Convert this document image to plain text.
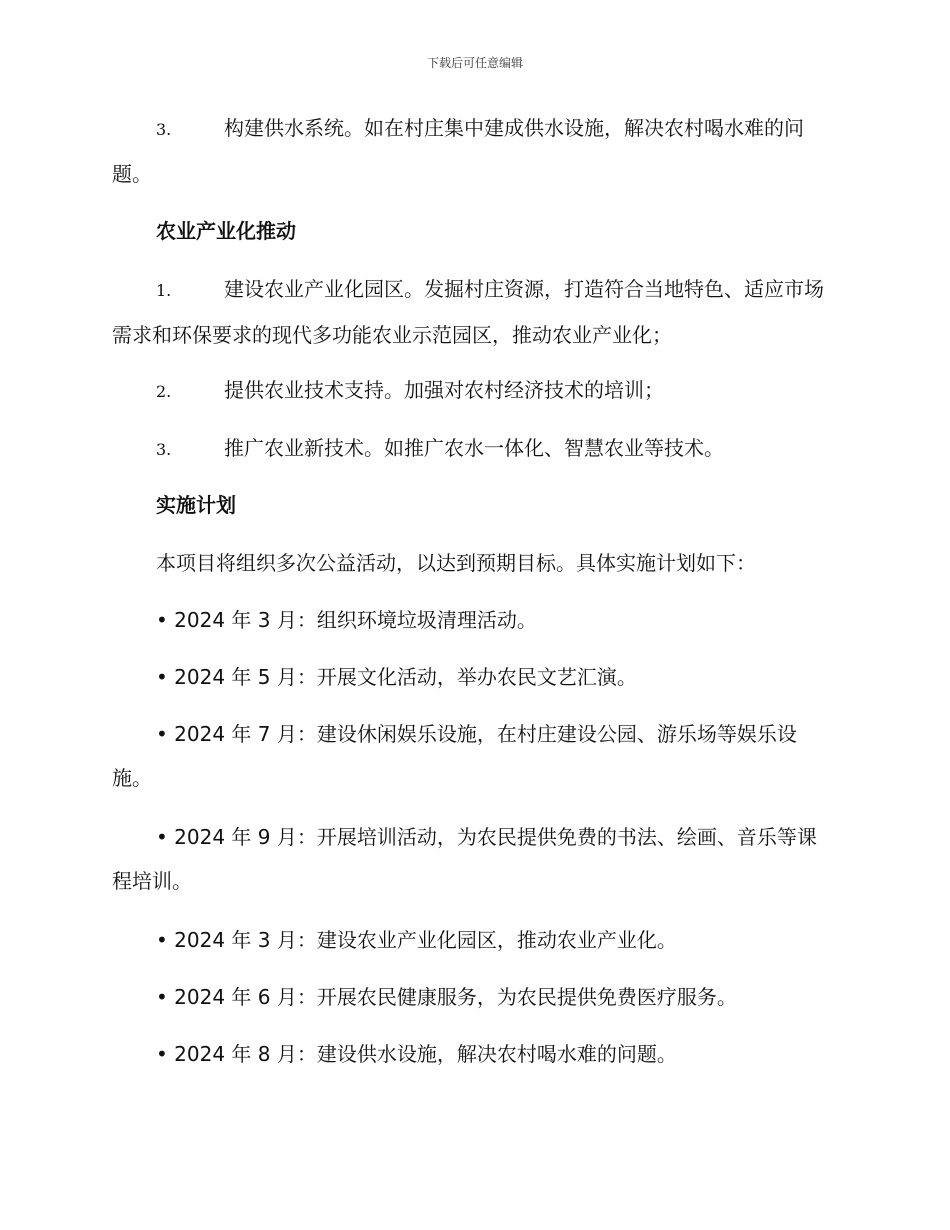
下载后可任意编辑
3.	构建供水系统。如在村庄集中建成供水设施，解决农村喝水难的问题。
农业产业化推动
1.	建设农业产业化园区。发掘村庄资源，打造符合当地特色、适应市场需求和环保要求的现代多功能农业示范园区，推动农业产业化；
2.	提供农业技术支持。加强对农村经济技术的培训；
3.	推广农业新技术。如推广农水一体化、智慧农业等技术。
实施计划
本项目将组织多次公益活动，以达到预期目标。具体实施计划如下：
• 2024 年 3 月：组织环境垃圾清理活动。
• 2024 年 5 月：开展文化活动，举办农民文艺汇演。
• 2024 年 7 月：建设休闲娱乐设施，在村庄建设公园、游乐场等娱乐设施。
• 2024 年 9 月：开展培训活动，为农民提供免费的书法、绘画、音乐等课程培训。
• 2024 年 3 月：建设农业产业化园区，推动农业产业化。
• 2024 年 6 月：开展农民健康服务，为农民提供免费医疗服务。
• 2024 年 8 月：建设供水设施，解决农村喝水难的问题。
